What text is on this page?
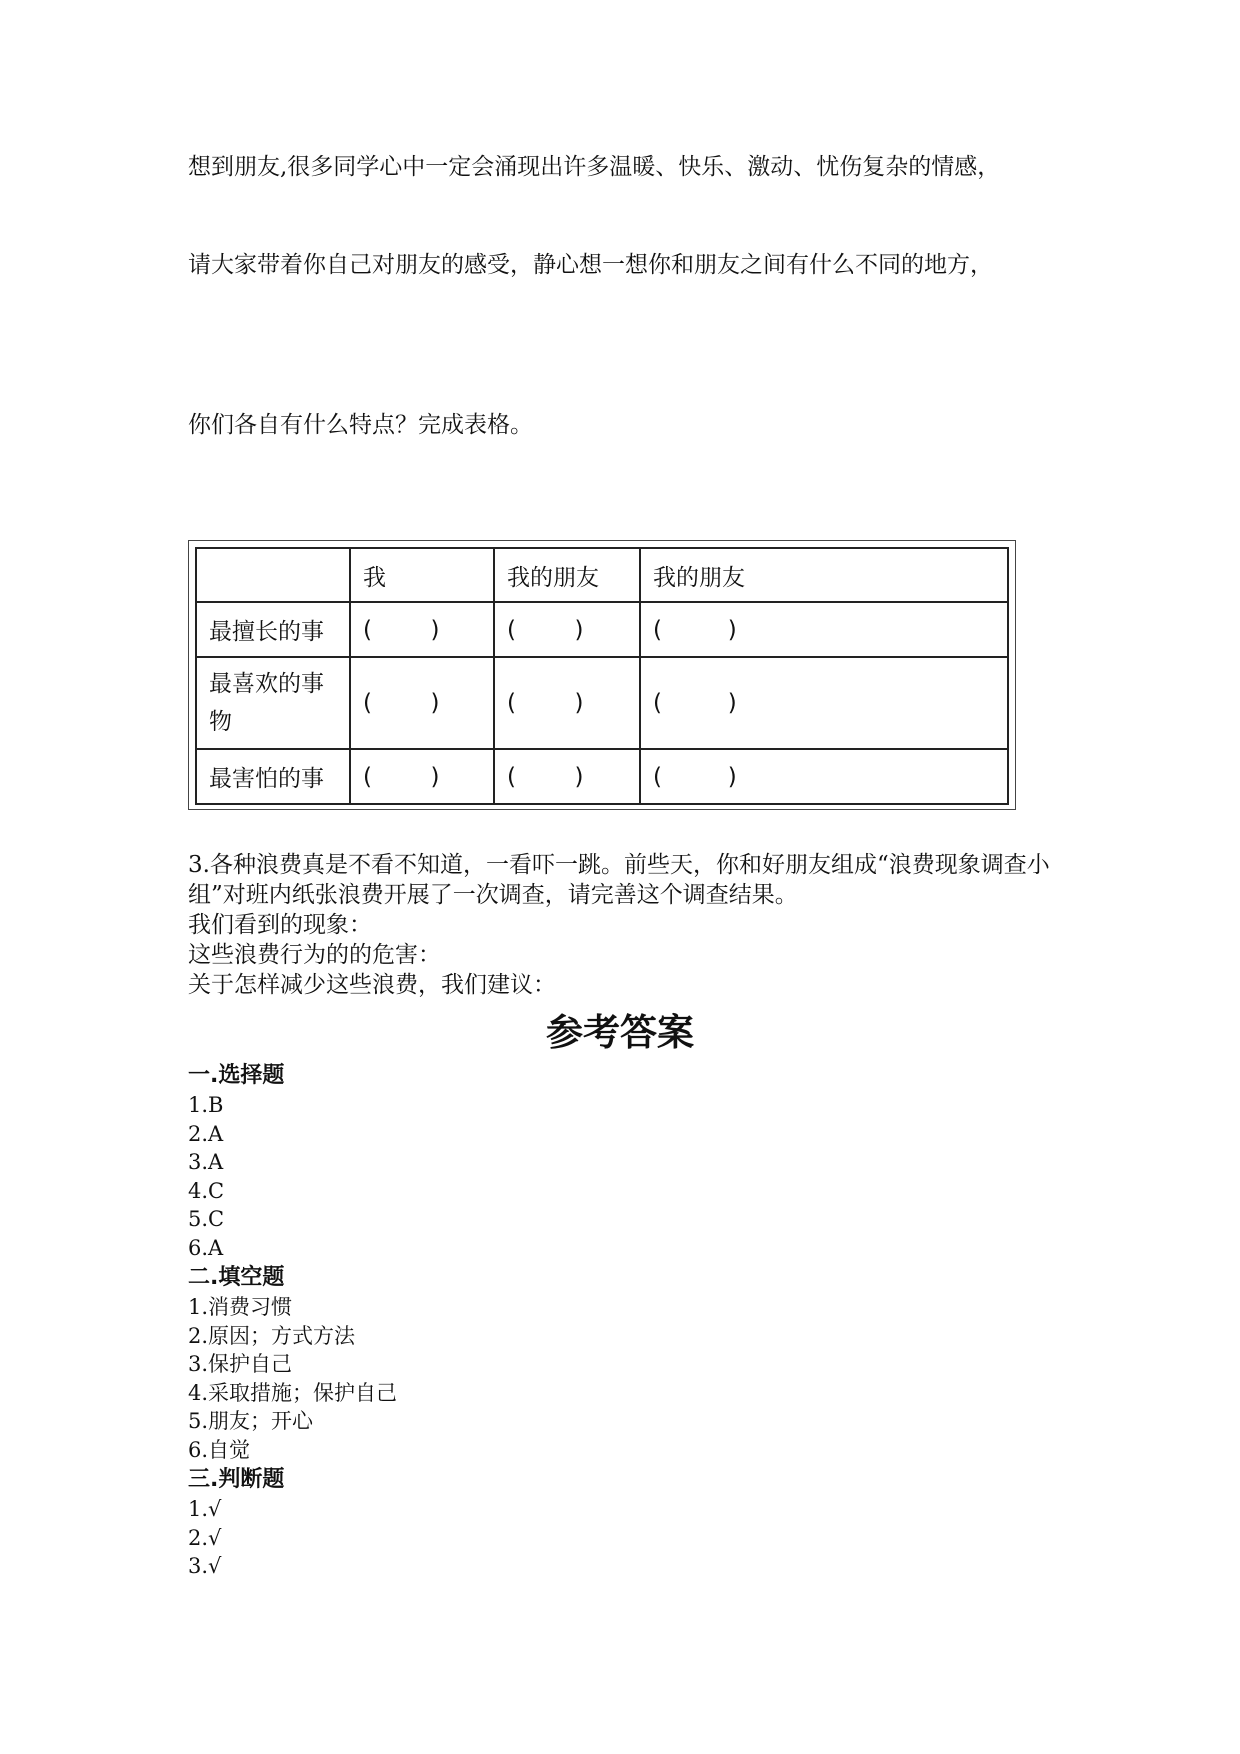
想到朋友,很多同学心中一定会涌现出许多温暖、快乐、激动、忧伤复杂的情感，
请大家带着你自己对朋友的感受，静心想一想你和朋友之间有什么不同的地方，
你们各自有什么特点？完成表格。
	我	我的朋友	我的朋友
最擅长的事	(        )	(        )	(         )
最喜欢的事物	(        )	(        )	(         )
最害怕的事	(        )	(        )	(         )

3.各种浪费真是不看不知道，一看吓一跳。前些天，你和好朋友组成“浪费现象调查小组”对班内纸张浪费开展了一次调查，请完善这个调查结果。

我们看到的现象：

这些浪费行为的的危害：

关于怎样减少这些浪费，我们建议：

参考答案
一.选择题
1.B
2.A
3.A
4.C
5.C
6.A
二.填空题
1.消费习惯
2.原因；方式方法
3.保护自己
4.采取措施；保护自己
5.朋友；开心
6.自觉
三.判断题
1.√
2.√
3.√
